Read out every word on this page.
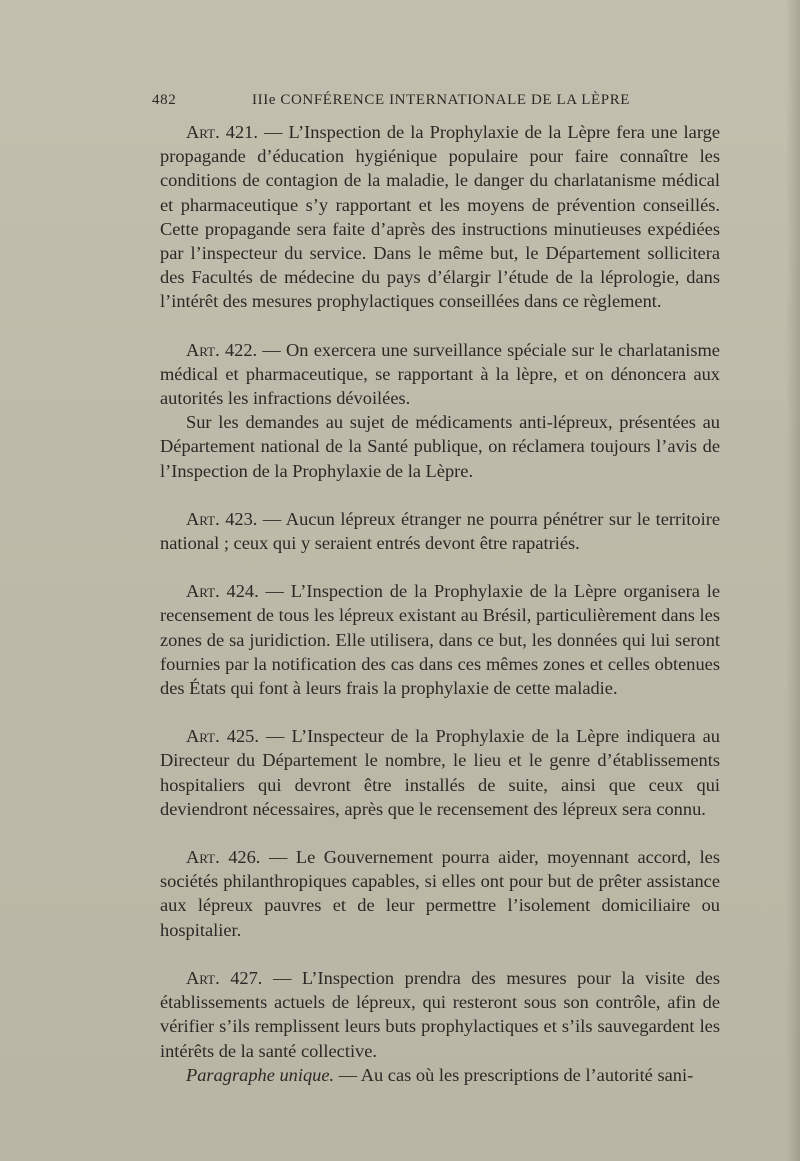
482	IIIe CONFÉRENCE INTERNATIONALE DE LA LÈPRE

Art. 421. — L’Inspection de la Prophylaxie de la Lèpre fera une large propagande d’éducation hygiénique populaire pour faire connaître les conditions de contagion de la maladie, le danger du charlatanisme médical et pharmaceutique s’y rapportant et les moyens de prévention conseillés. Cette propagande sera faite d’après des instructions minutieuses expédiées par l’inspecteur du service. Dans le même but, le Département sollicitera des Facultés de médecine du pays d’élargir l’étude de la léprologie, dans l’intérêt des mesures prophylactiques conseillées dans ce règlement.

Art. 422. — On exercera une surveillance spéciale sur le charlatanisme médical et pharmaceutique, se rapportant à la lèpre, et on dénoncera aux autorités les infractions dévoilées.

Sur les demandes au sujet de médicaments anti-lépreux, présentées au Département national de la Santé publique, on réclamera toujours l’avis de l’Inspection de la Prophylaxie de la Lèpre.

Art. 423. — Aucun lépreux étranger ne pourra pénétrer sur le territoire national ; ceux qui y seraient entrés devont être rapatriés.

Art. 424. — L’Inspection de la Prophylaxie de la Lèpre organisera le recensement de tous les lépreux existant au Brésil, particulièrement dans les zones de sa juridiction. Elle utilisera, dans ce but, les données qui lui seront fournies par la notification des cas dans ces mêmes zones et celles obtenues des États qui font à leurs frais la prophylaxie de cette maladie.

Art. 425. — L’Inspecteur de la Prophylaxie de la Lèpre indiquera au Directeur du Département le nombre, le lieu et le genre d’établissements hospitaliers qui devront être installés de suite, ainsi que ceux qui deviendront nécessaires, après que le recensement des lépreux sera connu.

Art. 426. — Le Gouvernement pourra aider, moyennant accord, les sociétés philanthropiques capables, si elles ont pour but de prêter assistance aux lépreux pauvres et de leur permettre l’isolement domiciliaire ou hospitalier.

Art. 427. — L’Inspection prendra des mesures pour la visite des établissements actuels de lépreux, qui resteront sous son contrôle, afin de vérifier s’ils remplissent leurs buts prophylactiques et s’ils sauvegardent les intérêts de la santé collective.

Paragraphe unique. — Au cas où les prescriptions de l’autorité sani-
